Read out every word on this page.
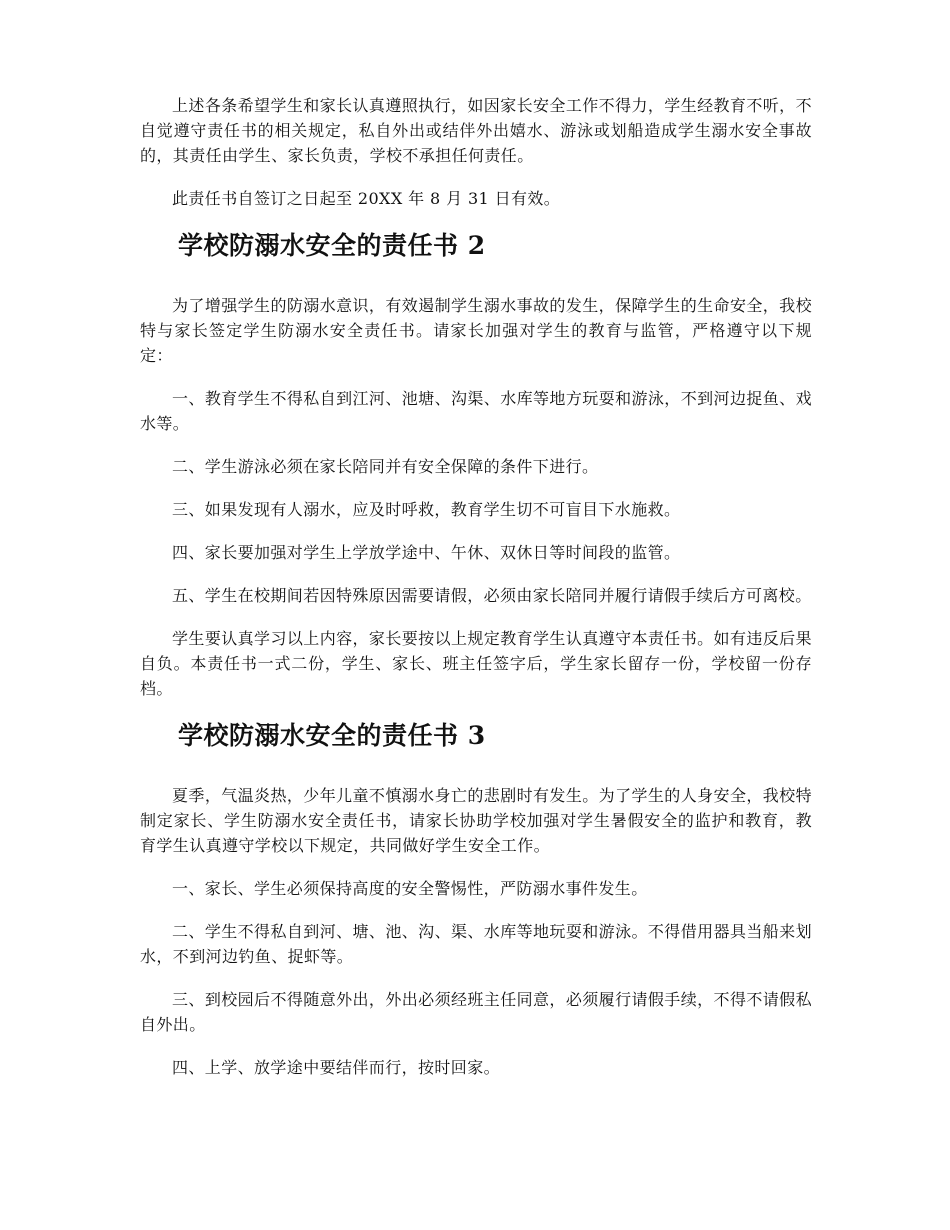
上述各条希望学生和家长认真遵照执行，如因家长安全工作不得力，学生经教育不听，不自觉遵守责任书的相关规定，私自外出或结伴外出嬉水、游泳或划船造成学生溺水安全事故的，其责任由学生、家长负责，学校不承担任何责任。

此责任书自签订之日起至 20XX 年 8 月 31 日有效。

学校防溺水安全的责任书 2

为了增强学生的防溺水意识，有效遏制学生溺水事故的发生，保障学生的生命安全，我校特与家长签定学生防溺水安全责任书。请家长加强对学生的教育与监管，严格遵守以下规定：

一、教育学生不得私自到江河、池塘、沟渠、水库等地方玩耍和游泳，不到河边捉鱼、戏水等。

二、学生游泳必须在家长陪同并有安全保障的条件下进行。

三、如果发现有人溺水，应及时呼救，教育学生切不可盲目下水施救。

四、家长要加强对学生上学放学途中、午休、双休日等时间段的监管。

五、学生在校期间若因特殊原因需要请假，必须由家长陪同并履行请假手续后方可离校。

学生要认真学习以上内容，家长要按以上规定教育学生认真遵守本责任书。如有违反后果自负。本责任书一式二份，学生、家长、班主任签字后，学生家长留存一份，学校留一份存档。

学校防溺水安全的责任书 3

夏季，气温炎热，少年儿童不慎溺水身亡的悲剧时有发生。为了学生的人身安全，我校特制定家长、学生防溺水安全责任书，请家长协助学校加强对学生暑假安全的监护和教育，教育学生认真遵守学校以下规定，共同做好学生安全工作。

一、家长、学生必须保持高度的安全警惕性，严防溺水事件发生。

二、学生不得私自到河、塘、池、沟、渠、水库等地玩耍和游泳。不得借用器具当船来划水，不到河边钓鱼、捉虾等。

三、到校园后不得随意外出，外出必须经班主任同意，必须履行请假手续，不得不请假私自外出。

四、上学、放学途中要结伴而行，按时回家。
